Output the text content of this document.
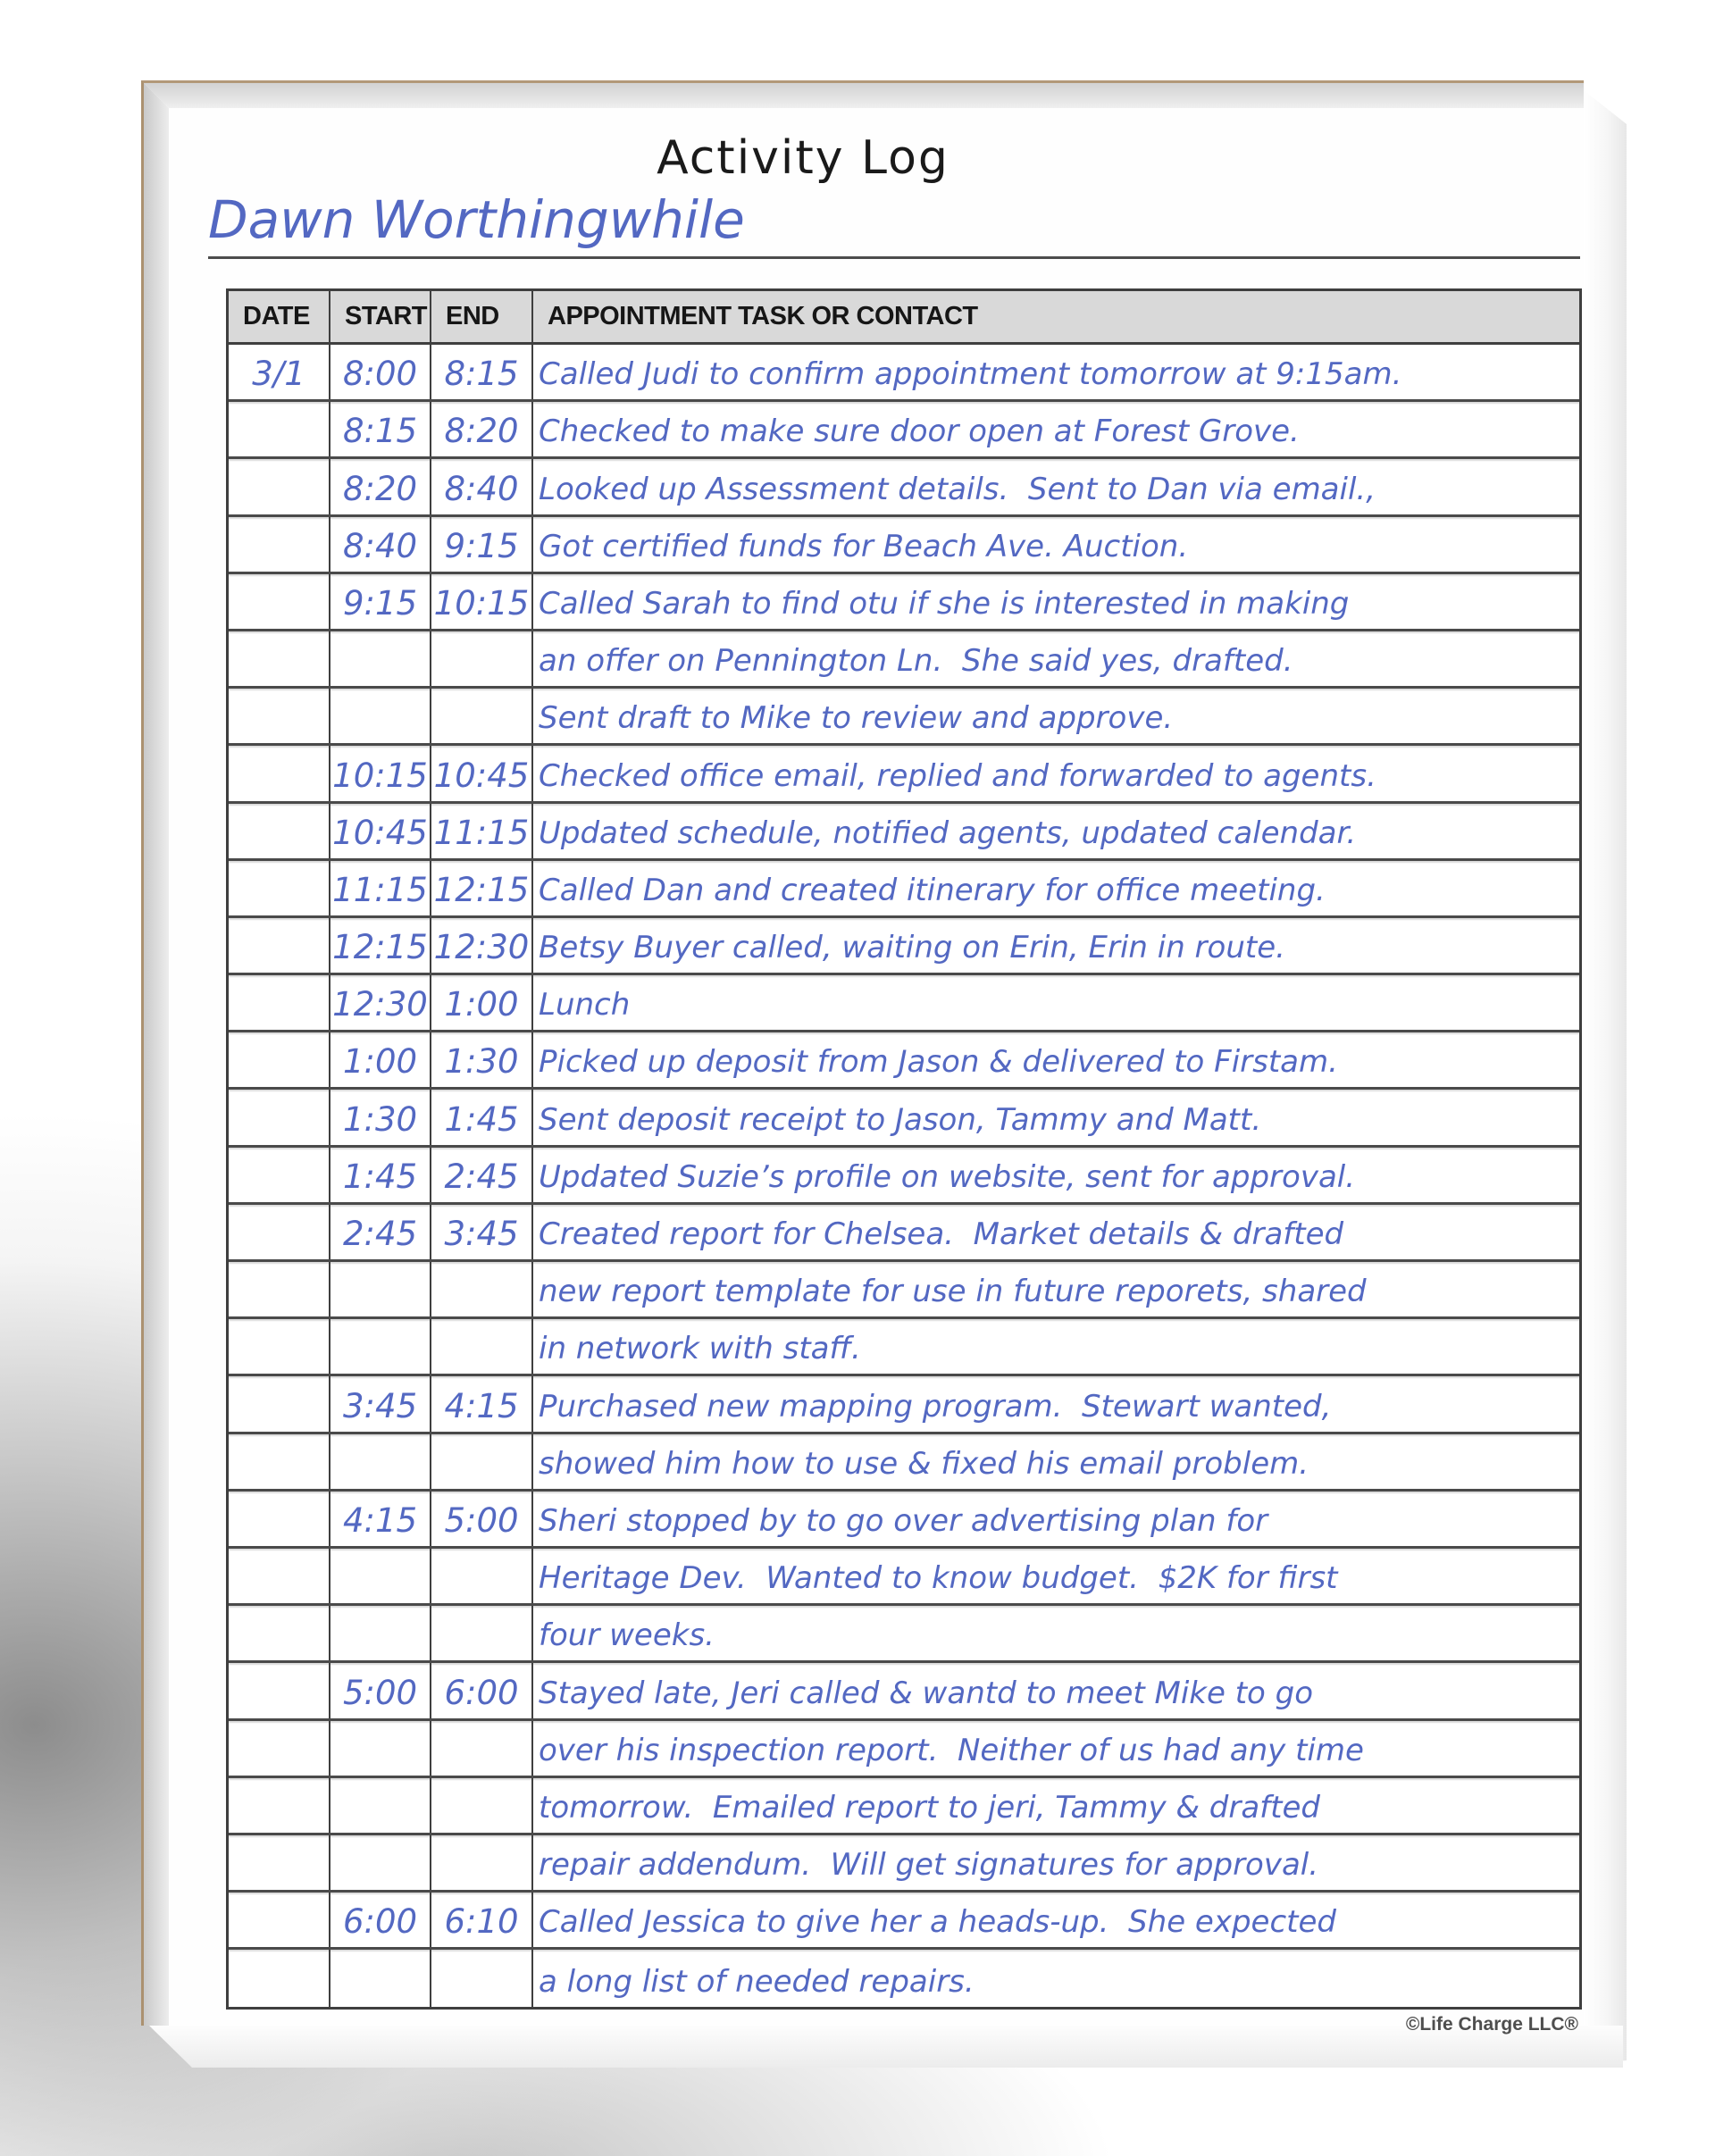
Activity Log
Dawn Worthingwhile
DATE	START END	APPOINTMENT TASK OR CONTACT
3/1	8:00 8:15 Called Judi to confirm appointment tomorrow at 9:15am.
8:15 8:20 Checked to make sure door open at Forest Grove.
8:20 8:40 Looked up Assessment details.  Sent to Dan via email.,
8:40 9:15 Got certified funds for Beach Ave. Auction.
9:15 10:15 Called Sarah to find otu if she is interested in making
an offer on Pennington Ln.  She said yes, drafted.
Sent draft to Mike to review and approve.
10:15 10:45 Checked office email, replied and forwarded to agents.
10:45 11:15 Updated schedule, notified agents, updated calendar.
11:15 12:15 Called Dan and created itinerary for office meeting.
12:15 12:30 Betsy Buyer called, waiting on Erin, Erin in route.
12:30 1:00 Lunch
1:00 1:30 Picked up deposit from Jason & delivered to Firstam.
1:30 1:45 Sent deposit receipt to Jason, Tammy and Matt.
1:45 2:45 Updated Suzie’s profile on website, sent for approval.
2:45 3:45 Created report for Chelsea.  Market details & drafted
new report template for use in future reporets, shared
in network with staff.
3:45 4:15 Purchased new mapping program.  Stewart wanted,
showed him how to use & fixed his email problem.
4:15 5:00 Sheri stopped by to go over advertising plan for
Heritage Dev.  Wanted to know budget.  $2K for first
four weeks.
5:00 6:00 Stayed late, Jeri called & wantd to meet Mike to go
over his inspection report.  Neither of us had any time
tomorrow.  Emailed report to jeri, Tammy & drafted
repair addendum.  Will get signatures for approval.
6:00 6:10 Called Jessica to give her a heads-up.  She expected
a long list of needed repairs.
©Life Charge LLC®
